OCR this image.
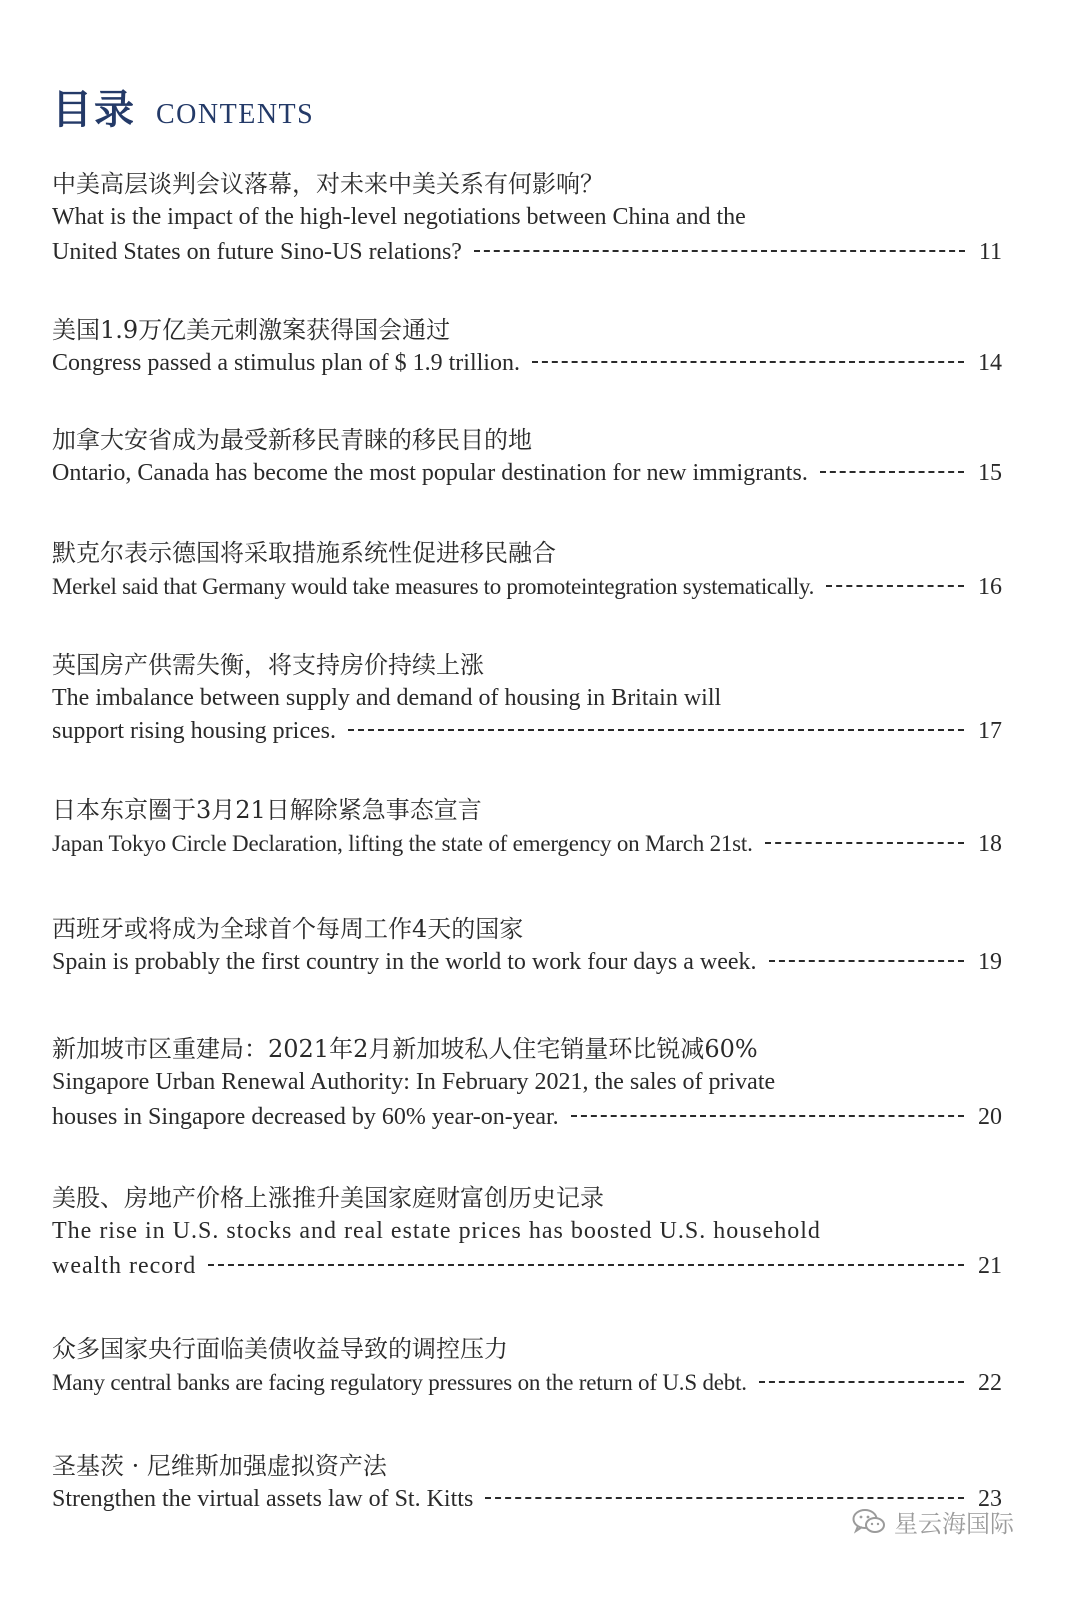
目录 CONTENTS
中美高层谈判会议落幕，对未来中美关系有何影响？
What is the impact of the high-level negotiations between China and the
United States on future Sino-US relations?	11
美国1.9万亿美元刺激案获得国会通过
Congress passed a stimulus plan of $ 1.9 trillion.	14
加拿大安省成为最受新移民青睐的移民目的地
Ontario, Canada has become the most popular destination for new immigrants.	15
默克尔表示德国将采取措施系统性促进移民融合
Merkel said that Germany would take measures to promoteintegration systematically.	16
英国房产供需失衡，将支持房价持续上涨
The imbalance between supply and demand of housing in Britain will
support rising housing prices.	17
日本东京圈于3月21日解除紧急事态宣言
Japan Tokyo Circle Declaration, lifting the state of emergency on March 21st.	18
西班牙或将成为全球首个每周工作4天的国家
Spain is probably the first country in the world to work four days a week.	19
新加坡市区重建局：2021年2月新加坡私人住宅销量环比锐减60%
Singapore Urban Renewal Authority: In February 2021, the sales of private
houses in Singapore decreased by 60% year-on-year.	20
美股、房地产价格上涨推升美国家庭财富创历史记录
The rise in U.S. stocks and real estate prices has boosted U.S. household
wealth record	21
众多国家央行面临美债收益导致的调控压力
Many central banks are facing regulatory pressures on the return of U.S debt.	22
圣基茨 · 尼维斯加强虚拟资产法
Strengthen the virtual assets law of St. Kitts	23
星云海国际
